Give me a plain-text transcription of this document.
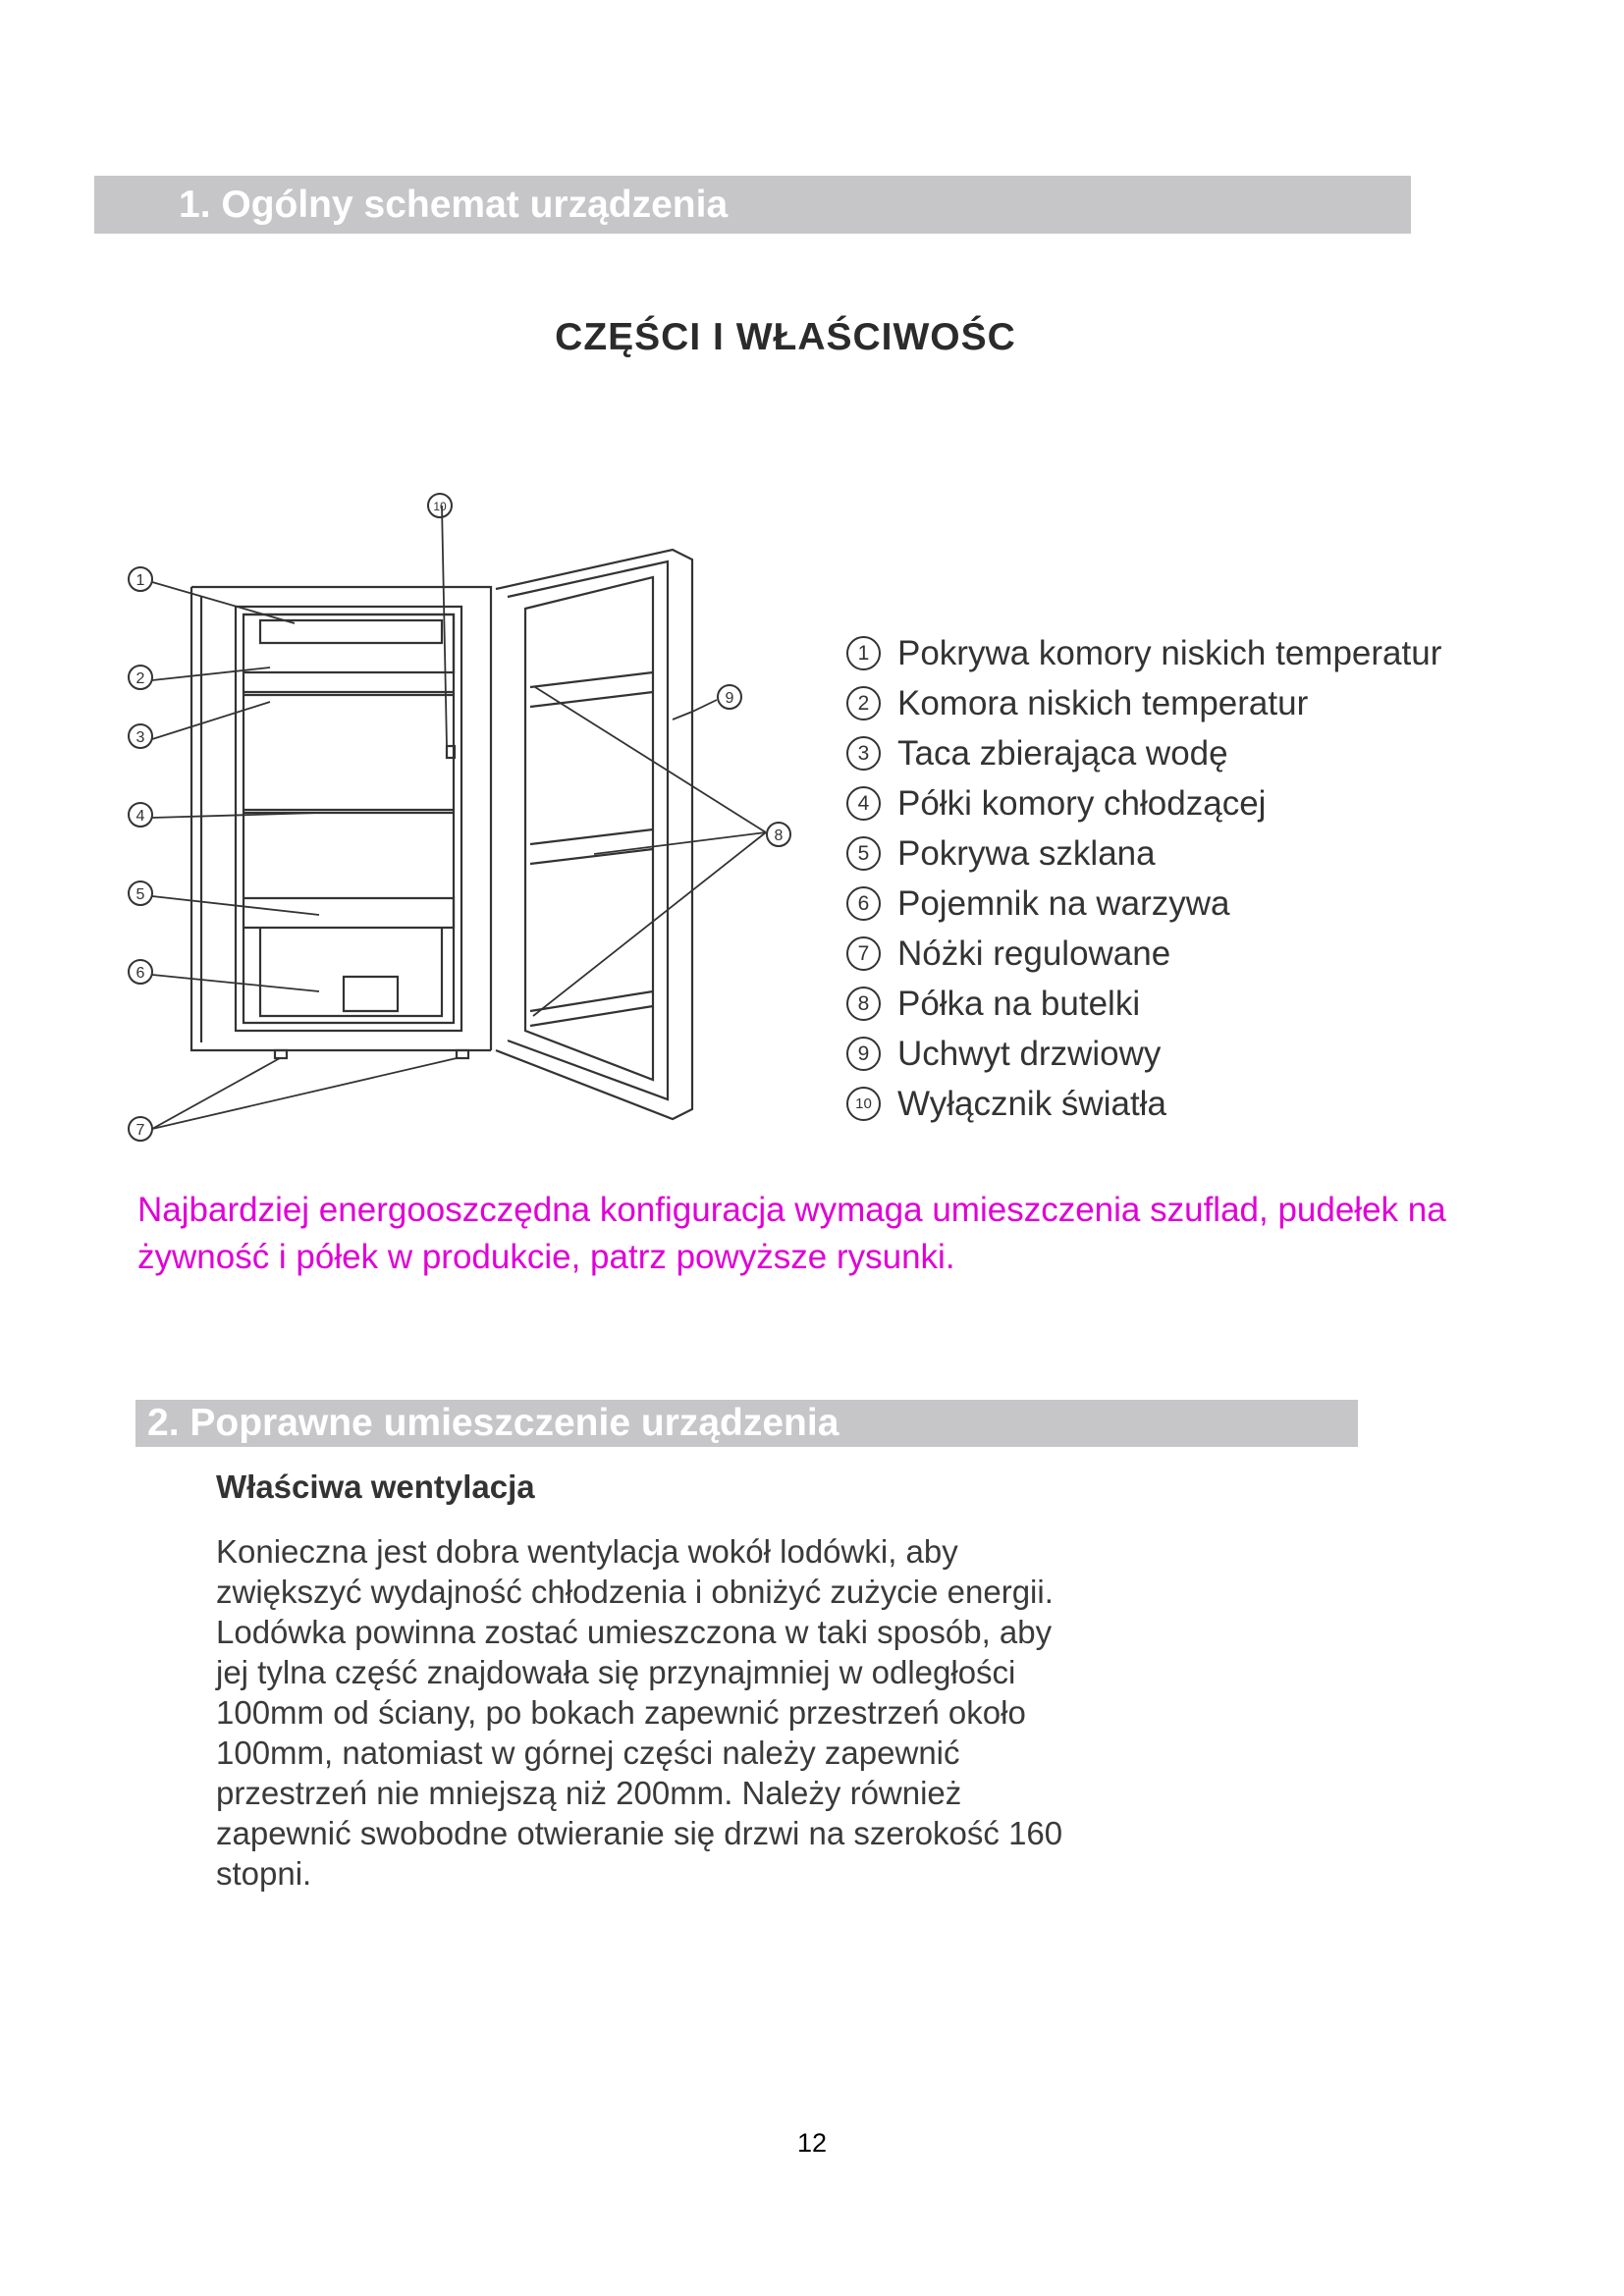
1. Ogólny schemat urządzenia
CZĘŚCI I WŁAŚCIWOŚC
1
2
3
4
5
6
7
8
9
10
1 Pokrywa komory niskich temperatur
2 Komora niskich temperatur
3 Taca zbierająca wodę
4 Półki komory chłodzącej
5 Pokrywa szklana
6 Pojemnik na warzywa
7 Nóżki regulowane
8 Półka na butelki
9 Uchwyt drzwiowy
10 Wyłącznik światła

Najbardziej energooszczędna konfiguracja wymaga umieszczenia szuflad, pudełek na żywność i półek w produkcie, patrz powyższe rysunki.

2. Poprawne umieszczenie urządzenia

Właściwa wentylacja

Konieczna jest dobra wentylacja wokół lodówki, aby zwiększyć wydajność chłodzenia i obniżyć zużycie energii. Lodówka powinna zostać umieszczona w taki sposób, aby jej tylna część znajdowała się przynajmniej w odległości 100mm od ściany, po bokach zapewnić przestrzeń około 100mm, natomiast w górnej części należy zapewnić przestrzeń nie mniejszą niż 200mm. Należy również zapewnić swobodne otwieranie się drzwi na szerokość 160 stopni.

12
